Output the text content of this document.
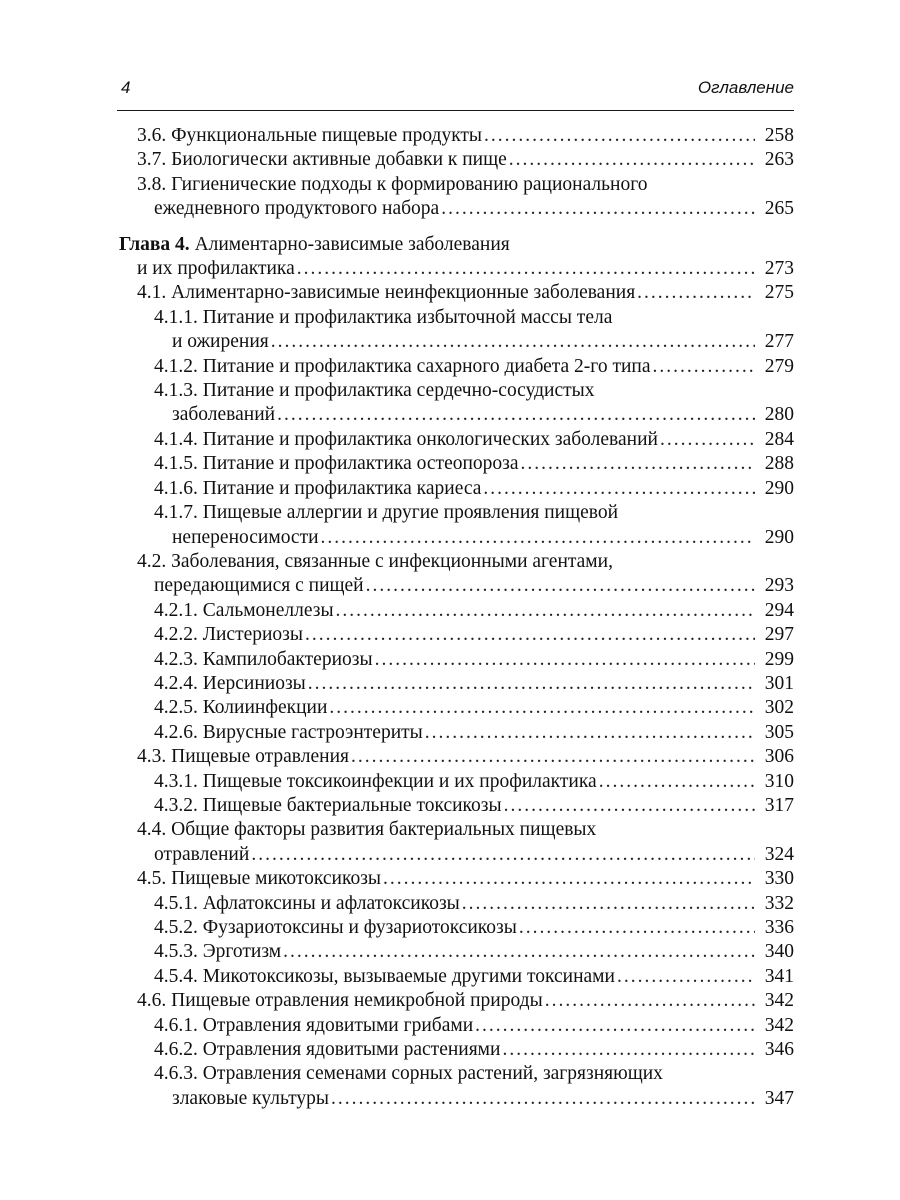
4	Оглавление
3.6. Функциональные пищевые продукты .....	258
3.7. Биологически активные добавки к пище .....	263
3.8. Гигиенические подходы к формированию рационального
ежедневного продуктового набора .....	265
Глава 4. Алиментарно-зависимые заболевания
и их профилактика .....	273
4.1. Алиментарно-зависимые неинфекционные заболевания .....	275
4.1.1. Питание и профилактика избыточной массы тела
и ожирения .....	277
4.1.2. Питание и профилактика сахарного диабета 2-го типа .....	279
4.1.3. Питание и профилактика сердечно-сосудистых
заболеваний .....	280
4.1.4. Питание и профилактика онкологических заболеваний .....	284
4.1.5. Питание и профилактика остеопороза .....	288
4.1.6. Питание и профилактика кариеса .....	290
4.1.7. Пищевые аллергии и другие проявления пищевой
непереносимости .....	290
4.2. Заболевания, связанные с инфекционными агентами,
передающимися с пищей .....	293
4.2.1. Сальмонеллезы .....	294
4.2.2. Листериозы .....	297
4.2.3. Кампилобактериозы .....	299
4.2.4. Иерсиниозы .....	301
4.2.5. Колиинфекции .....	302
4.2.6. Вирусные гастроэнтериты .....	305
4.3. Пищевые отравления .....	306
4.3.1. Пищевые токсикоинфекции и их профилактика .....	310
4.3.2. Пищевые бактериальные токсикозы .....	317
4.4. Общие факторы развития бактериальных пищевых
отравлений .....	324
4.5. Пищевые микотоксикозы .....	330
4.5.1. Афлатоксины и афлатоксикозы .....	332
4.5.2. Фузариотоксины и фузариотоксикозы .....	336
4.5.3. Эрготизм .....	340
4.5.4. Микотоксикозы, вызываемые другими токсинами .....	341
4.6. Пищевые отравления немикробной природы .....	342
4.6.1. Отравления ядовитыми грибами .....	342
4.6.2. Отравления ядовитыми растениями .....	346
4.6.3. Отравления семенами сорных растений, загрязняющих
злаковые культуры .....	347
